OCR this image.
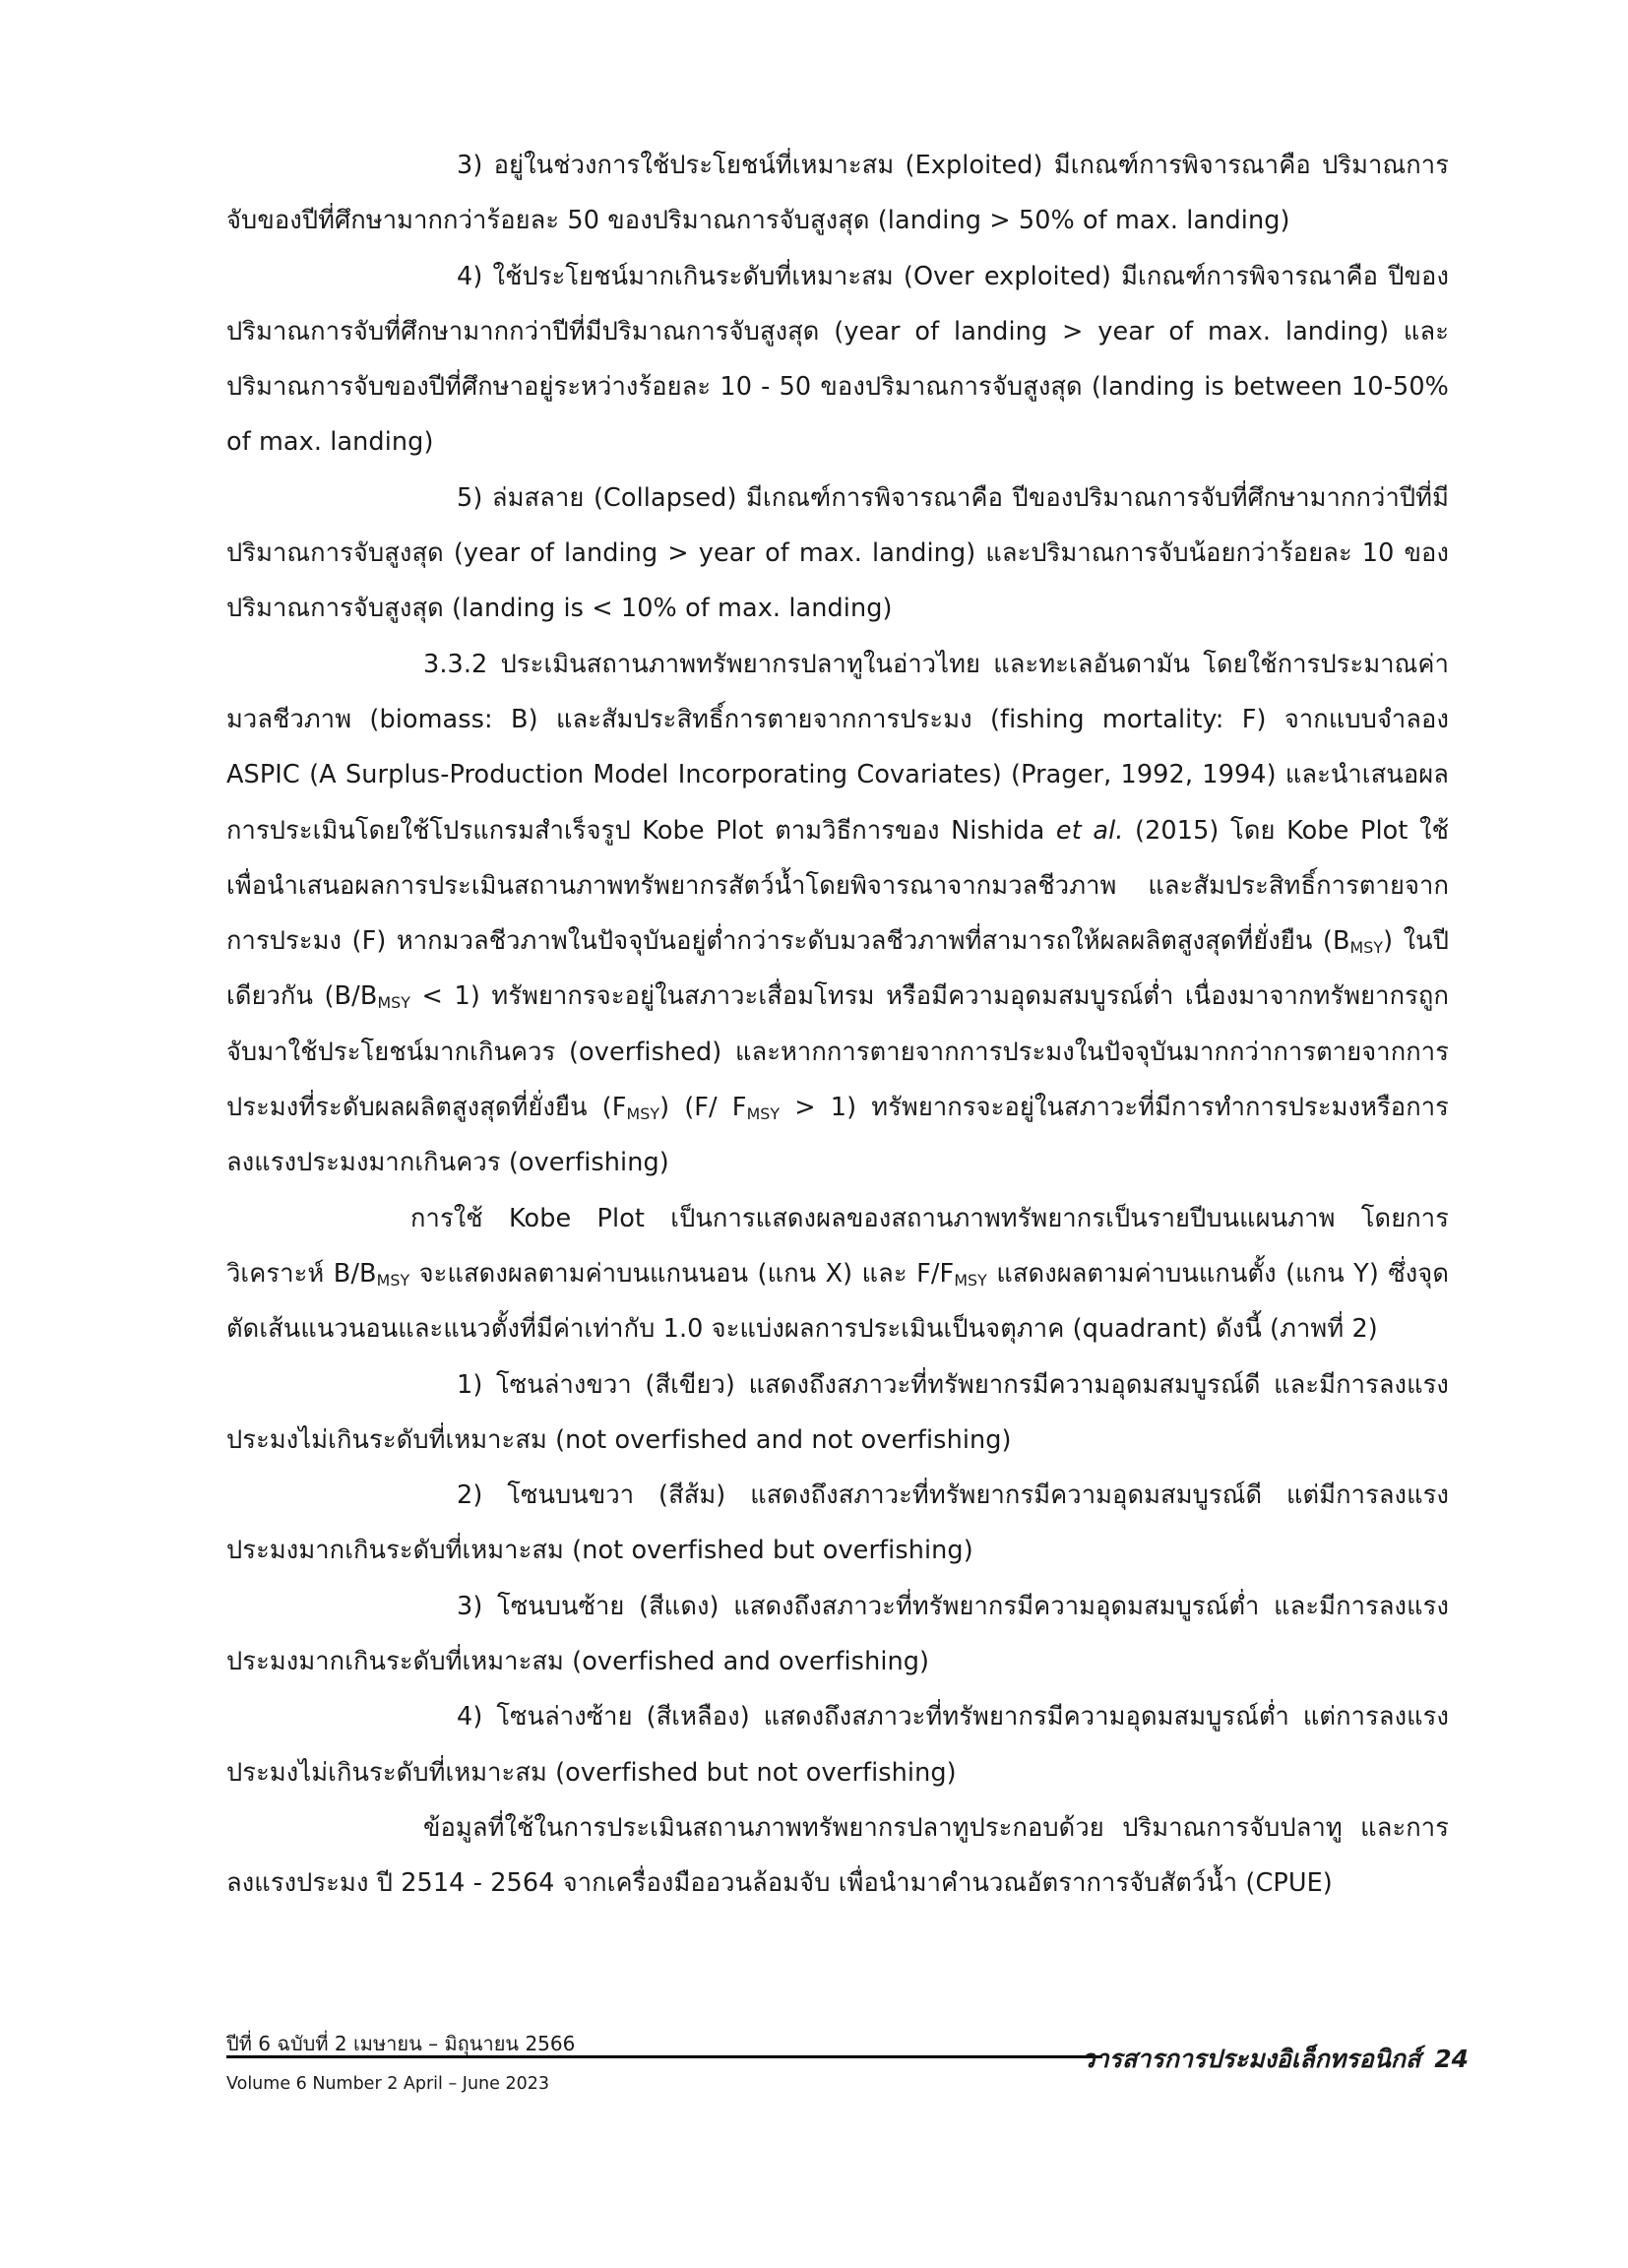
3) อยู่ในช่วงการใช้ประโยชน์ที่เหมาะสม (Exploited) มีเกณฑ์การพิจารณาคือ ปริมาณการจับของปีที่ศึกษามากกว่าร้อยละ 50 ของปริมาณการจับสูงสุด (landing > 50% of max. landing)

4) ใช้ประโยชน์มากเกินระดับที่เหมาะสม (Over exploited) มีเกณฑ์การพิจารณาคือ ปีของปริมาณการจับที่ศึกษามากกว่าปีที่มีปริมาณการจับสูงสุด (year of landing > year of max. landing) และปริมาณการจับของปีที่ศึกษาอยู่ระหว่างร้อยละ 10 - 50 ของปริมาณการจับสูงสุด (landing is between 10-50% of max. landing)

5) ล่มสลาย (Collapsed) มีเกณฑ์การพิจารณาคือ ปีของปริมาณการจับที่ศึกษามากกว่าปีที่มีปริมาณการจับสูงสุด (year of landing > year of max. landing) และปริมาณการจับน้อยกว่าร้อยละ 10 ของปริมาณการจับสูงสุด (landing is < 10% of max. landing)

3.3.2 ประเมินสถานภาพทรัพยากรปลาทูในอ่าวไทย และทะเลอันดามัน โดยใช้การประมาณค่ามวลชีวภาพ (biomass: B) และสัมประสิทธิ์การตายจากการประมง (fishing mortality: F) จากแบบจำลอง ASPIC (A Surplus-Production Model Incorporating Covariates) (Prager, 1992, 1994) และนำเสนอผลการประเมินโดยใช้โปรแกรมสำเร็จรูป Kobe Plot ตามวิธีการของ Nishida et al. (2015) โดย Kobe Plot ใช้เพื่อนำเสนอผลการประเมินสถานภาพทรัพยากรสัตว์น้ำโดยพิจารณาจากมวลชีวภาพ และสัมประสิทธิ์การตายจากการประมง (F) หากมวลชีวภาพในปัจจุบันอยู่ต่ำกว่าระดับมวลชีวภาพที่สามารถให้ผลผลิตสูงสุดที่ยั่งยืน $(B_{MSY})$ ในปีเดียวกัน $(B/B_{MSY} < 1)$ ทรัพยากรจะอยู่ในสภาวะเสื่อมโทรม หรือมีความอุดมสมบูรณ์ต่ำ เนื่องมาจากทรัพยากรถูกจับมาใช้ประโยชน์มากเกินควร (overfished) และหากการตายจากการประมงในปัจจุบันมากกว่าการตายจากการประมงที่ระดับผลผลิตสูงสุดที่ยั่งยืน $(F_{MSY})$ (F/ $F_{MSY} > 1$) ทรัพยากรจะอยู่ในสภาวะที่มีการทำการประมงหรือการลงแรงประมงมากเกินควร (overfishing)

การใช้ Kobe Plot เป็นการแสดงผลของสถานภาพทรัพยากรเป็นรายปีบนแผนภาพ โดยการวิเคราะห์ $B/B_{MSY}$ จะแสดงผลตามค่าบนแกนนอน (แกน X) และ $F/F_{MSY}$ แสดงผลตามค่าบนแกนตั้ง (แกน Y) ซึ่งจุดตัดเส้นแนวนอนและแนวตั้งที่มีค่าเท่ากับ 1.0 จะแบ่งผลการประเมินเป็นจตุภาค (quadrant) ดังนี้ (ภาพที่ 2)

1) โซนล่างขวา (สีเขียว) แสดงถึงสภาวะที่ทรัพยากรมีความอุดมสมบูรณ์ดี และมีการลงแรงประมงไม่เกินระดับที่เหมาะสม (not overfished and not overfishing)

2) โซนบนขวา (สีส้ม) แสดงถึงสภาวะที่ทรัพยากรมีความอุดมสมบูรณ์ดี แต่มีการลงแรงประมงมากเกินระดับที่เหมาะสม (not overfished but overfishing)

3) โซนบนซ้าย (สีแดง) แสดงถึงสภาวะที่ทรัพยากรมีความอุดมสมบูรณ์ต่ำ และมีการลงแรงประมงมากเกินระดับที่เหมาะสม (overfished and overfishing)

4) โซนล่างซ้าย (สีเหลือง) แสดงถึงสภาวะที่ทรัพยากรมีความอุดมสมบูรณ์ต่ำ แต่การลงแรงประมงไม่เกินระดับที่เหมาะสม (overfished but not overfishing)

ข้อมูลที่ใช้ในการประเมินสถานภาพทรัพยากรปลาทูประกอบด้วย ปริมาณการจับปลาทู และการลงแรงประมง ปี 2514 - 2564 จากเครื่องมืออวนล้อมจับ เพื่อนำมาคำนวณอัตราการจับสัตว์น้ำ (CPUE)

ปีที่ 6 ฉบับที่ 2 เมษายน – มิถุนายน 2566
Volume 6 Number 2 April – June 2023
วารสารการประมงอิเล็กทรอนิกส์ 24
